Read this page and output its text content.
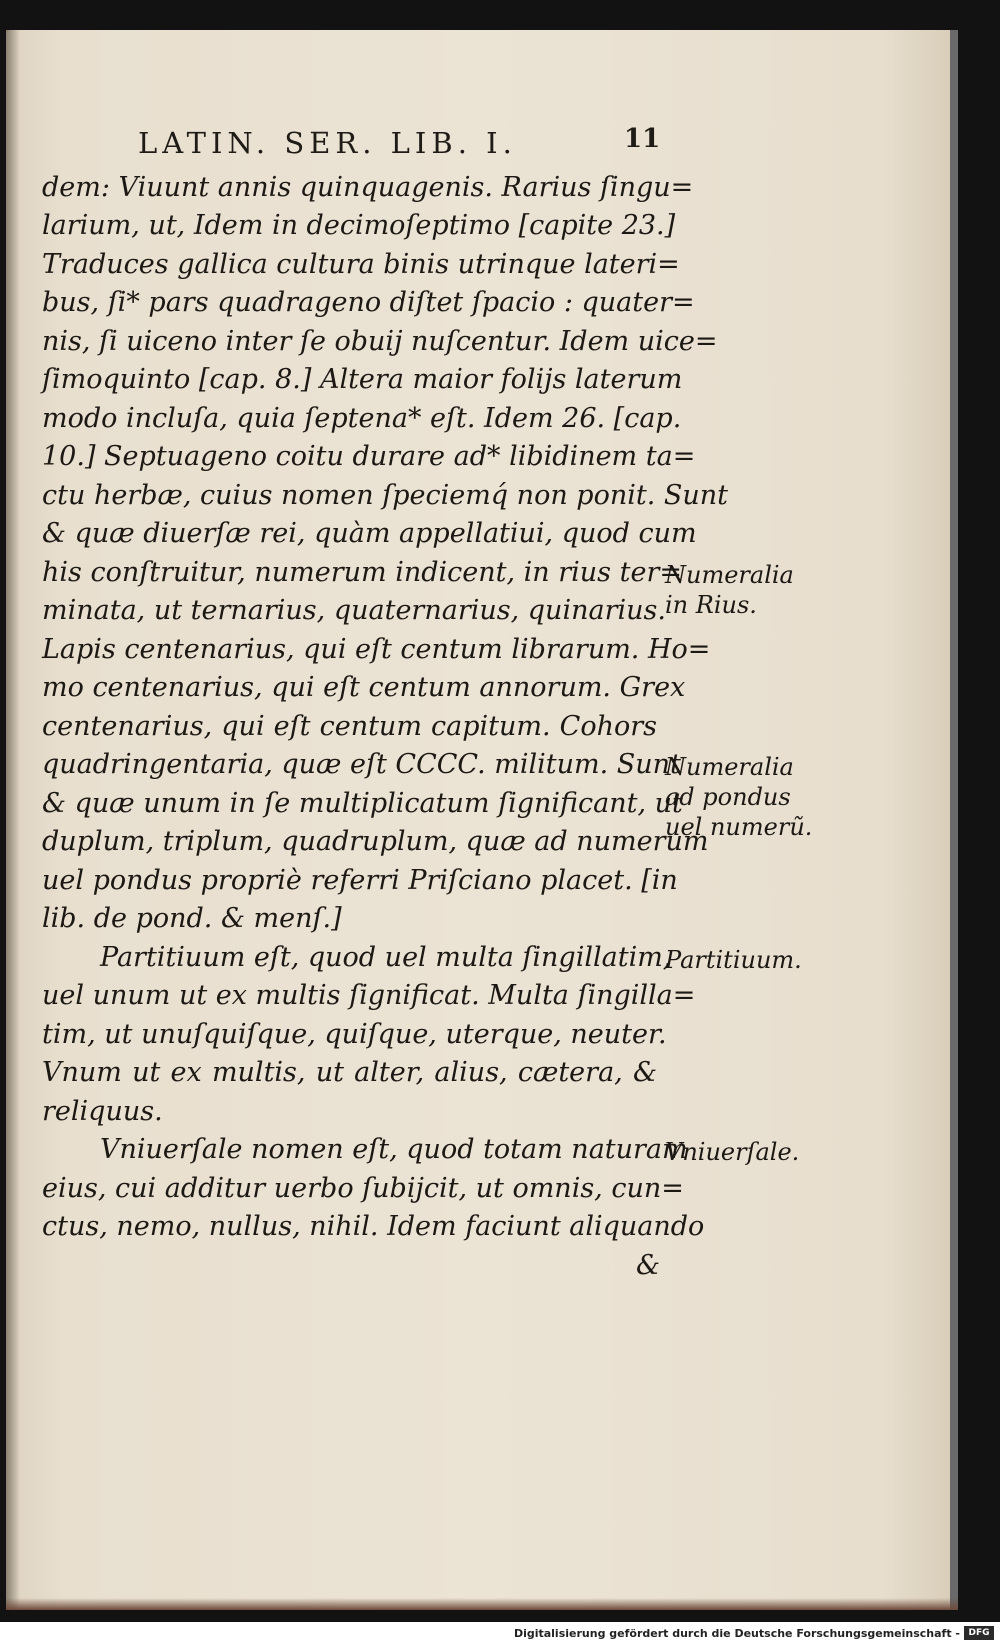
LATIN. SER. LIB. I.	11
dem: Viuunt annis quinquagenis. Rarius ſingu=
larium, ut, Idem in decimoſeptimo [capite 23.]
Traduces gallica cultura binis utrinque lateri=
bus, ſi* pars quadrageno diſtet ſpacio : quater=
nis, ſi uiceno inter ſe obuij nuſcentur. Idem uice=
ſimoquinto [cap. 8.] Altera maior folijs laterum
modo incluſa, quia ſeptena* eſt. Idem 26. [cap.
10.] Septuageno coitu durare ad* libidinem ta=
ctu herbæ, cuius nomen ſpeciemq́ non ponit. Sunt
& quæ diuerſæ rei, quàm appellatiui, quod cum
his conſtruitur, numerum indicent, in rius ter=
minata, ut ternarius, quaternarius, quinarius.
Lapis centenarius, qui eſt centum librarum. Ho=
mo centenarius, qui eſt centum annorum. Grex
centenarius, qui eſt centum capitum. Cohors
quadringentaria, quæ eſt CCCC. militum. Sunt
& quæ unum in ſe multiplicatum ſignificant, ut
duplum, triplum, quadruplum, quæ ad numerum
uel pondus propriè referri Priſciano placet. [in
lib. de pond. & menſ.]
Partitiuum eſt, quod uel multa ſingillatim,
uel unum ut ex multis ſignificat. Multa ſingilla=
tim, ut unuſquiſque, quiſque, uterque, neuter.
Vnum ut ex multis, ut alter, alius, cætera, &
reliquus.
Vniuerſale nomen eſt, quod totam naturam
eius, cui additur uerbo ſubijcit, ut omnis, cun=
ctus, nemo, nullus, nihil. Idem faciunt aliquando
&
Numeralia
in Rius.
Numeralia
ad pondus
uel numerũ.
Partitiuum.
Vniuerſale.
Digitalisierung gefördert durch die Deutsche Forschungsgemeinschaft - DFG
